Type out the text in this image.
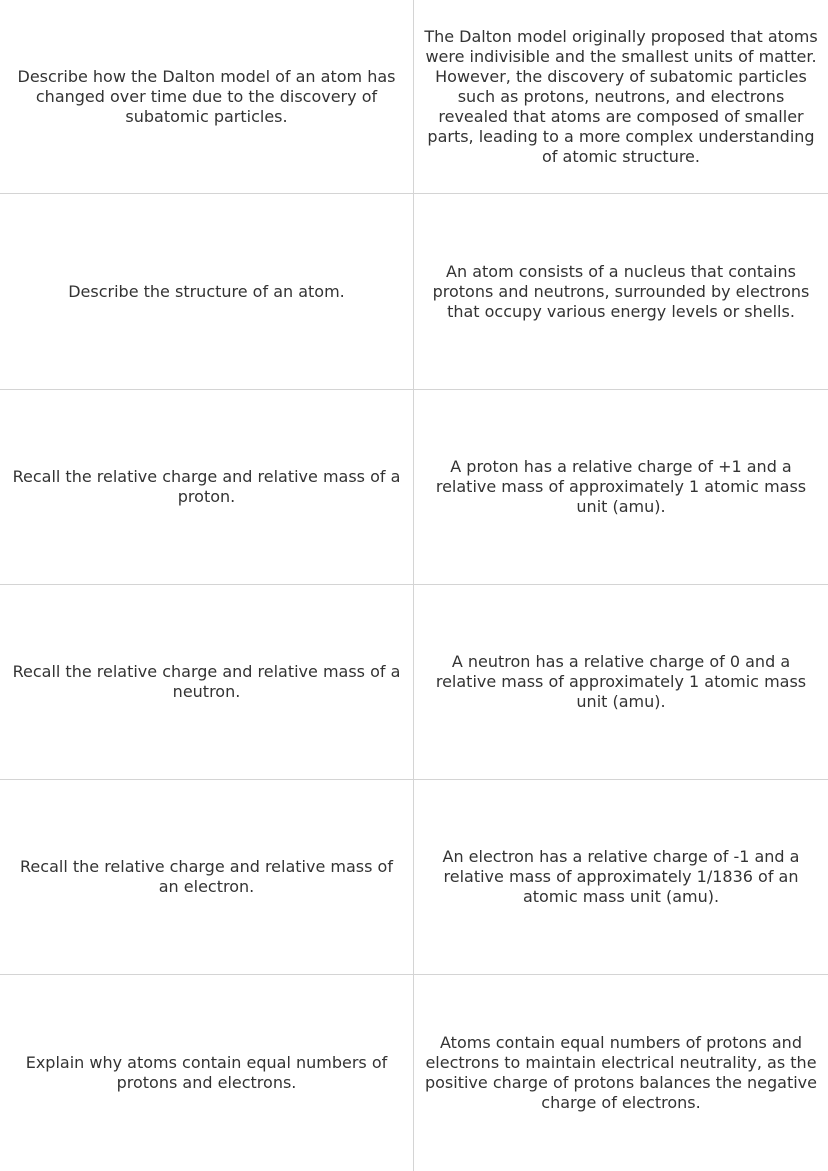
Describe how the Dalton model of an atom has changed over time due to the discovery of subatomic particles.
The Dalton model originally proposed that atoms were indivisible and the smallest units of matter. However, the discovery of subatomic particles such as protons, neutrons, and electrons revealed that atoms are composed of smaller parts, leading to a more complex understanding of atomic structure.
Describe the structure of an atom.
An atom consists of a nucleus that contains protons and neutrons, surrounded by electrons that occupy various energy levels or shells.
Recall the relative charge and relative mass of a proton.
A proton has a relative charge of +1 and a relative mass of approximately 1 atomic mass unit (amu).
Recall the relative charge and relative mass of a neutron.
A neutron has a relative charge of 0 and a relative mass of approximately 1 atomic mass unit (amu).
Recall the relative charge and relative mass of an electron.
An electron has a relative charge of -1 and a relative mass of approximately 1/1836 of an atomic mass unit (amu).
Explain why atoms contain equal numbers of protons and electrons.
Atoms contain equal numbers of protons and electrons to maintain electrical neutrality, as the positive charge of protons balances the negative charge of electrons.
